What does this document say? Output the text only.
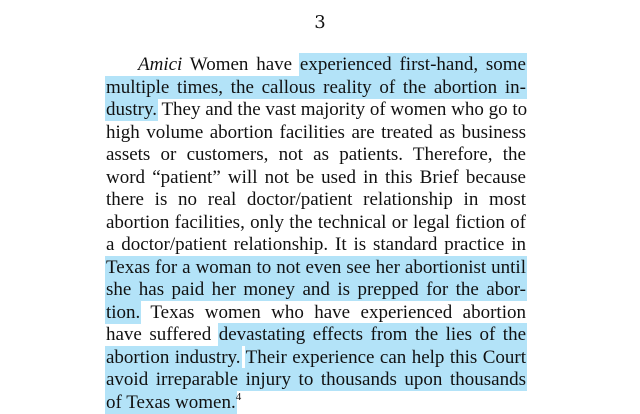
3
Amici Women have experienced first-hand, some
multiple times, the callous reality of the abortion in-
dustry. They and the vast majority of women who go to
high volume abortion facilities are treated as business
assets or customers, not as patients. Therefore, the
word “patient” will not be used in this Brief because
there is no real doctor/patient relationship in most
abortion facilities, only the technical or legal fiction of
a doctor/patient relationship. It is standard practice in
Texas for a woman to not even see her abortionist until
she has paid her money and is prepped for the abor-
tion. Texas women who have experienced abortion
have suffered devastating effects from the lies of the
abortion industry. Their experience can help this Court
avoid irreparable injury to thousands upon thousands
of Texas women.$^4$
